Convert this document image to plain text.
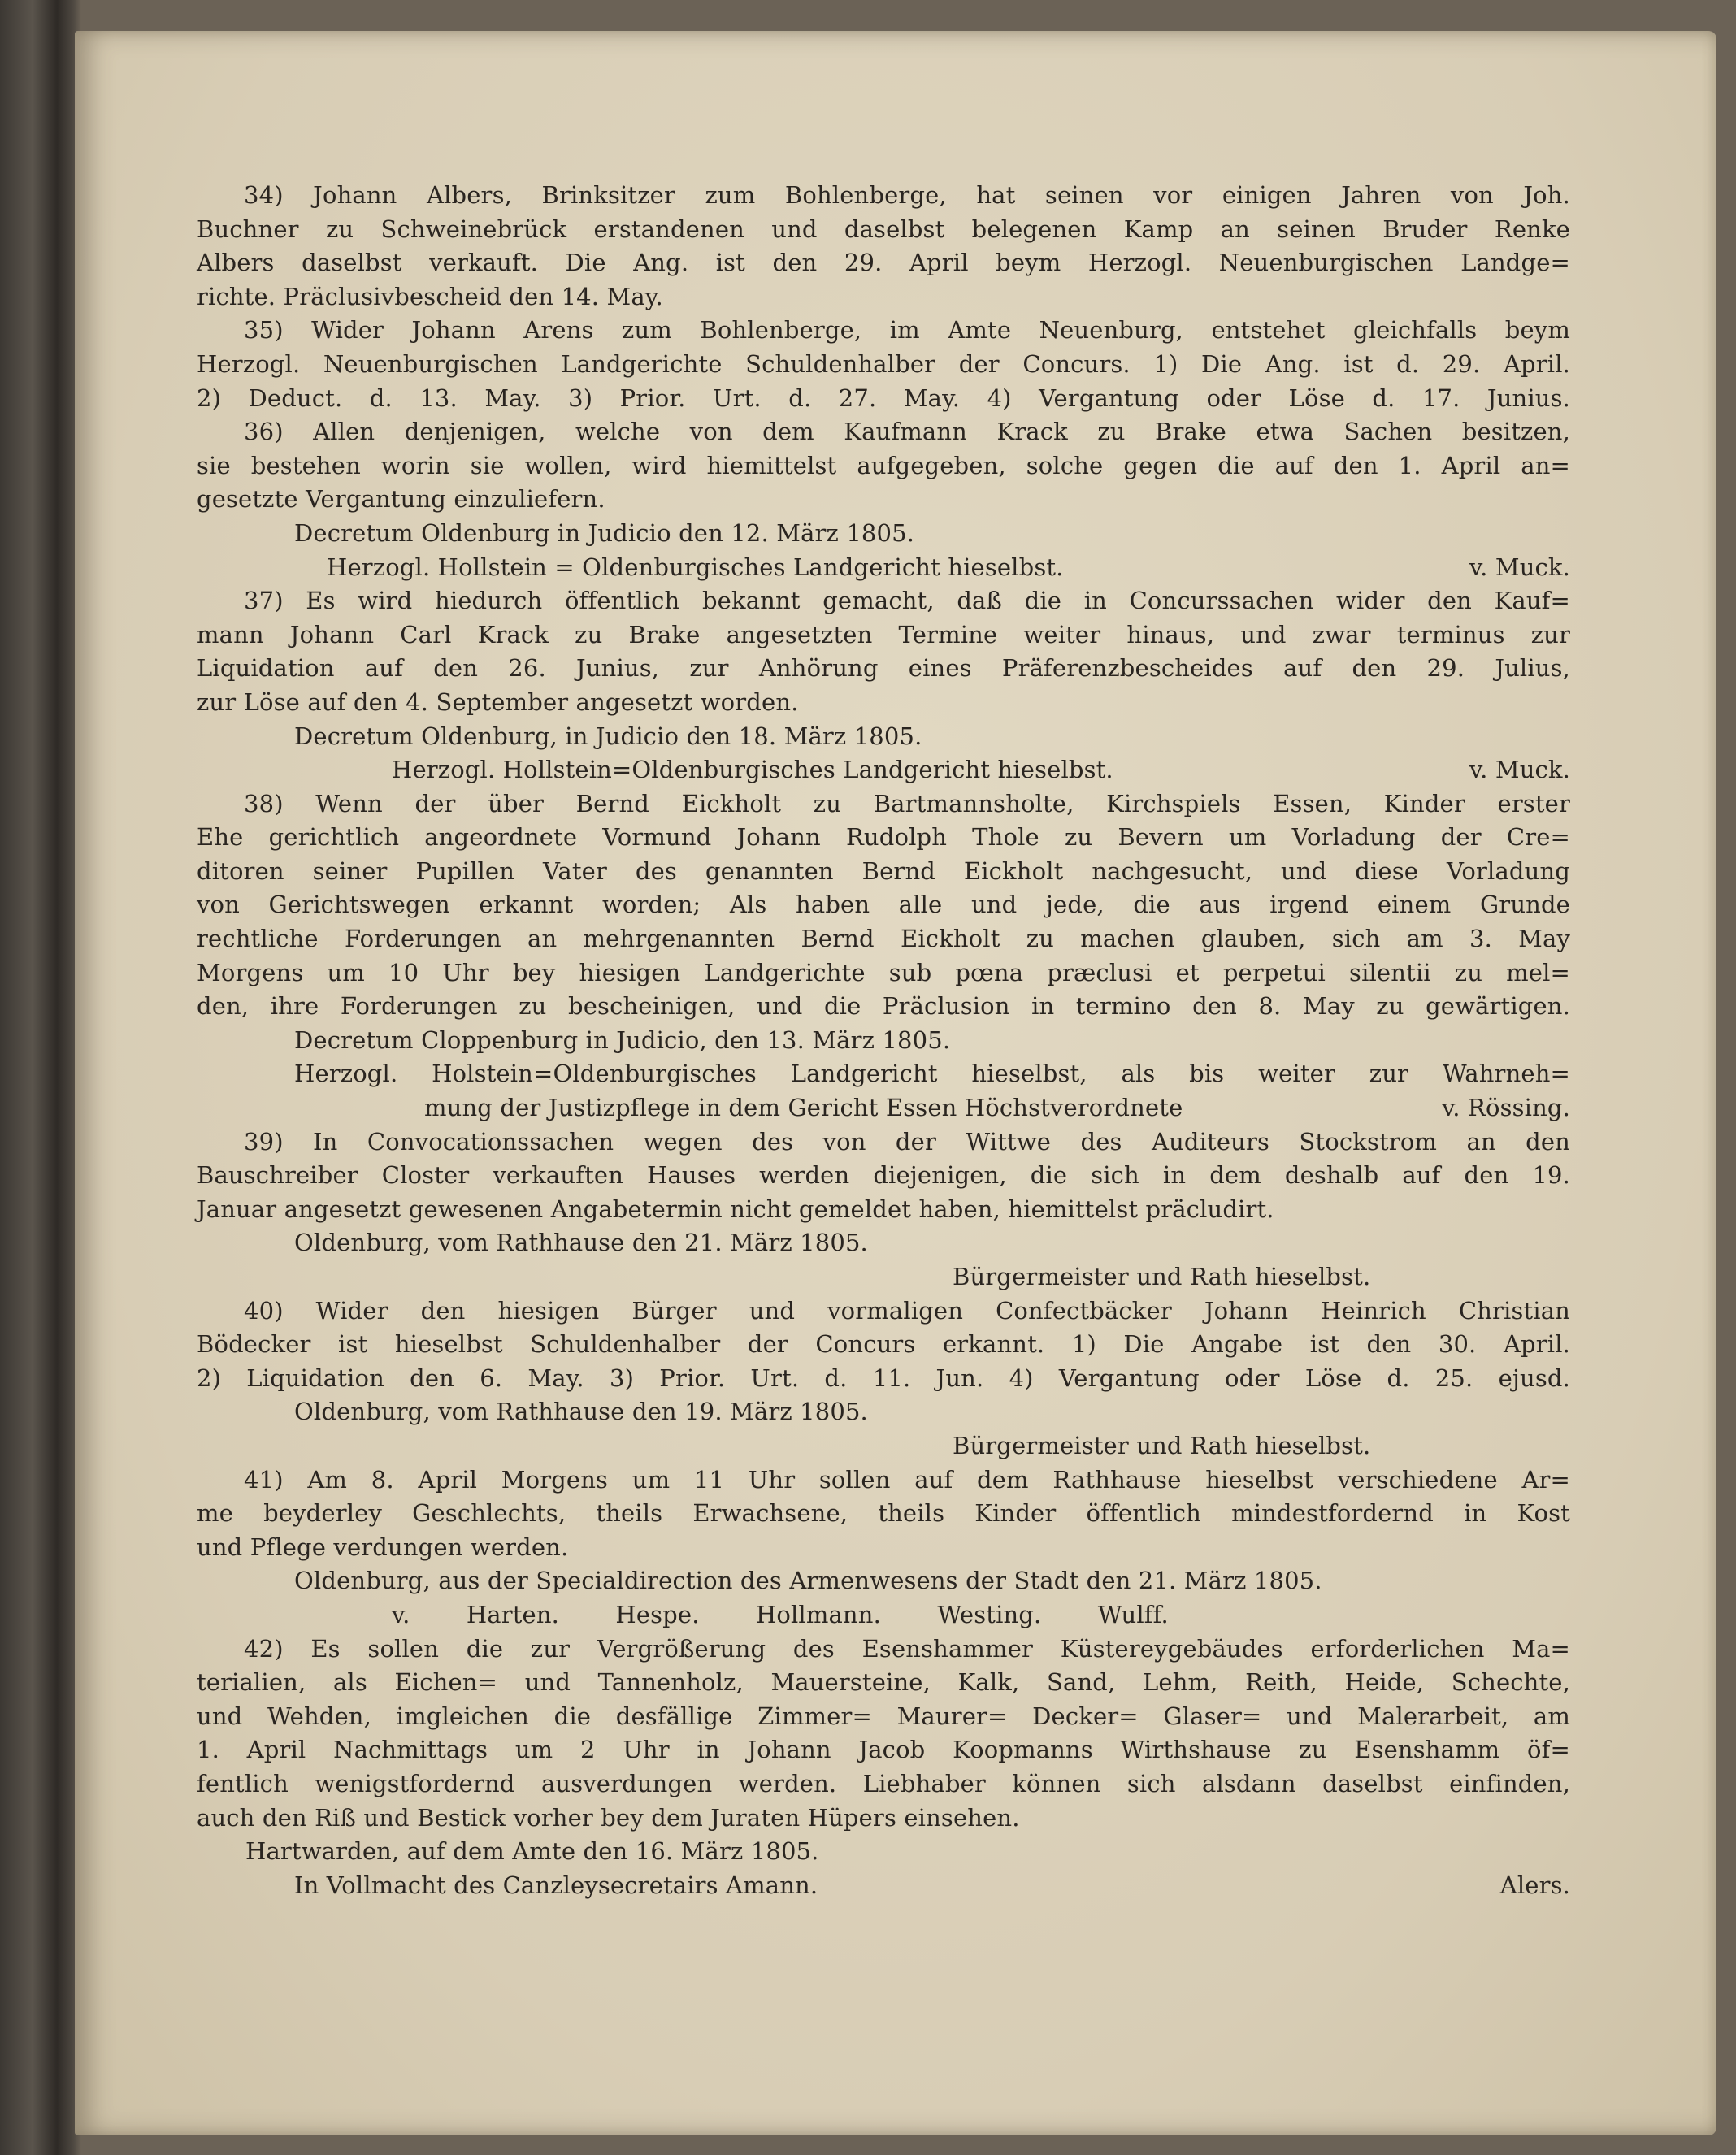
34) Johann Albers, Brinksitzer zum Bohlenberge, hat seinen vor einigen Jahren von Joh.
Buchner zu Schweinebrück erstandenen und daselbst belegenen Kamp an seinen Bruder Renke
Albers daselbst verkauft. Die Ang. ist den 29. April beym Herzogl. Neuenburgischen Landge=
richte. Präclusivbescheid den 14. May.
35) Wider Johann Arens zum Bohlenberge, im Amte Neuenburg, entstehet gleichfalls beym
Herzogl. Neuenburgischen Landgerichte Schuldenhalber der Concurs. 1) Die Ang. ist d. 29. April.
2) Deduct. d. 13. May. 3) Prior. Urt. d. 27. May. 4) Vergantung oder Löse d. 17. Junius.
36) Allen denjenigen, welche von dem Kaufmann Krack zu Brake etwa Sachen besitzen,
sie bestehen worin sie wollen, wird hiemittelst aufgegeben, solche gegen die auf den 1. April an=
gesetzte Vergantung einzuliefern.
Decretum Oldenburg in Judicio den 12. März 1805.
Herzogl. Hollstein = Oldenburgisches Landgericht hieselbst.	v. Muck.
37) Es wird hiedurch öffentlich bekannt gemacht, daß die in Concurssachen wider den Kauf=
mann Johann Carl Krack zu Brake angesetzten Termine weiter hinaus, und zwar terminus zur
Liquidation auf den 26. Junius, zur Anhörung eines Präferenzbescheides auf den 29. Julius,
zur Löse auf den 4. September angesetzt worden.
Decretum Oldenburg, in Judicio den 18. März 1805.
Herzogl. Hollstein=Oldenburgisches Landgericht hieselbst.	v. Muck.
38) Wenn der über Bernd Eickholt zu Bartmannsholte, Kirchspiels Essen, Kinder erster
Ehe gerichtlich angeordnete Vormund Johann Rudolph Thole zu Bevern um Vorladung der Cre=
ditoren seiner Pupillen Vater des genannten Bernd Eickholt nachgesucht, und diese Vorladung
von Gerichtswegen erkannt worden; Als haben alle und jede, die aus irgend einem Grunde
rechtliche Forderungen an mehrgenannten Bernd Eickholt zu machen glauben, sich am 3. May
Morgens um 10 Uhr bey hiesigen Landgerichte sub pœna præclusi et perpetui silentii zu mel=
den, ihre Forderungen zu bescheinigen, und die Präclusion in termino den 8. May zu gewärtigen.
Decretum Cloppenburg in Judicio, den 13. März 1805.
Herzogl. Holstein=Oldenburgisches Landgericht hieselbst, als bis weiter zur Wahrneh=
mung der Justizpflege in dem Gericht Essen Höchstverordnete	v. Rössing.
39) In Convocationssachen wegen des von der Wittwe des Auditeurs Stockstrom an den
Bauschreiber Closter verkauften Hauses werden diejenigen, die sich in dem deshalb auf den 19.
Januar angesetzt gewesenen Angabetermin nicht gemeldet haben, hiemittelst präcludirt.
Oldenburg, vom Rathhause den 21. März 1805.
Bürgermeister und Rath hieselbst.
40) Wider den hiesigen Bürger und vormaligen Confectbäcker Johann Heinrich Christian
Bödecker ist hieselbst Schuldenhalber der Concurs erkannt. 1) Die Angabe ist den 30. April.
2) Liquidation den 6. May. 3) Prior. Urt. d. 11. Jun. 4) Vergantung oder Löse d. 25. ejusd.
Oldenburg, vom Rathhause den 19. März 1805.
Bürgermeister und Rath hieselbst.
41) Am 8. April Morgens um 11 Uhr sollen auf dem Rathhause hieselbst verschiedene Ar=
me beyderley Geschlechts, theils Erwachsene, theils Kinder öffentlich mindestfordernd in Kost
und Pflege verdungen werden.
Oldenburg, aus der Specialdirection des Armenwesens der Stadt den 21. März 1805.
v. Harten. Hespe. Hollmann. Westing. Wulff.
42) Es sollen die zur Vergrößerung des Esenshammer Küstereygebäudes erforderlichen Ma=
terialien, als Eichen= und Tannenholz, Mauersteine, Kalk, Sand, Lehm, Reith, Heide, Schechte,
und Wehden, imgleichen die desfällige Zimmer= Maurer= Decker= Glaser= und Malerarbeit, am
1. April Nachmittags um 2 Uhr in Johann Jacob Koopmanns Wirthshause zu Esenshamm öf=
fentlich wenigstfordernd ausverdungen werden. Liebhaber können sich alsdann daselbst einfinden,
auch den Riß und Bestick vorher bey dem Juraten Hüpers einsehen.
Hartwarden, auf dem Amte den 16. März 1805.
In Vollmacht des Canzleysecretairs Amann.	Alers.
